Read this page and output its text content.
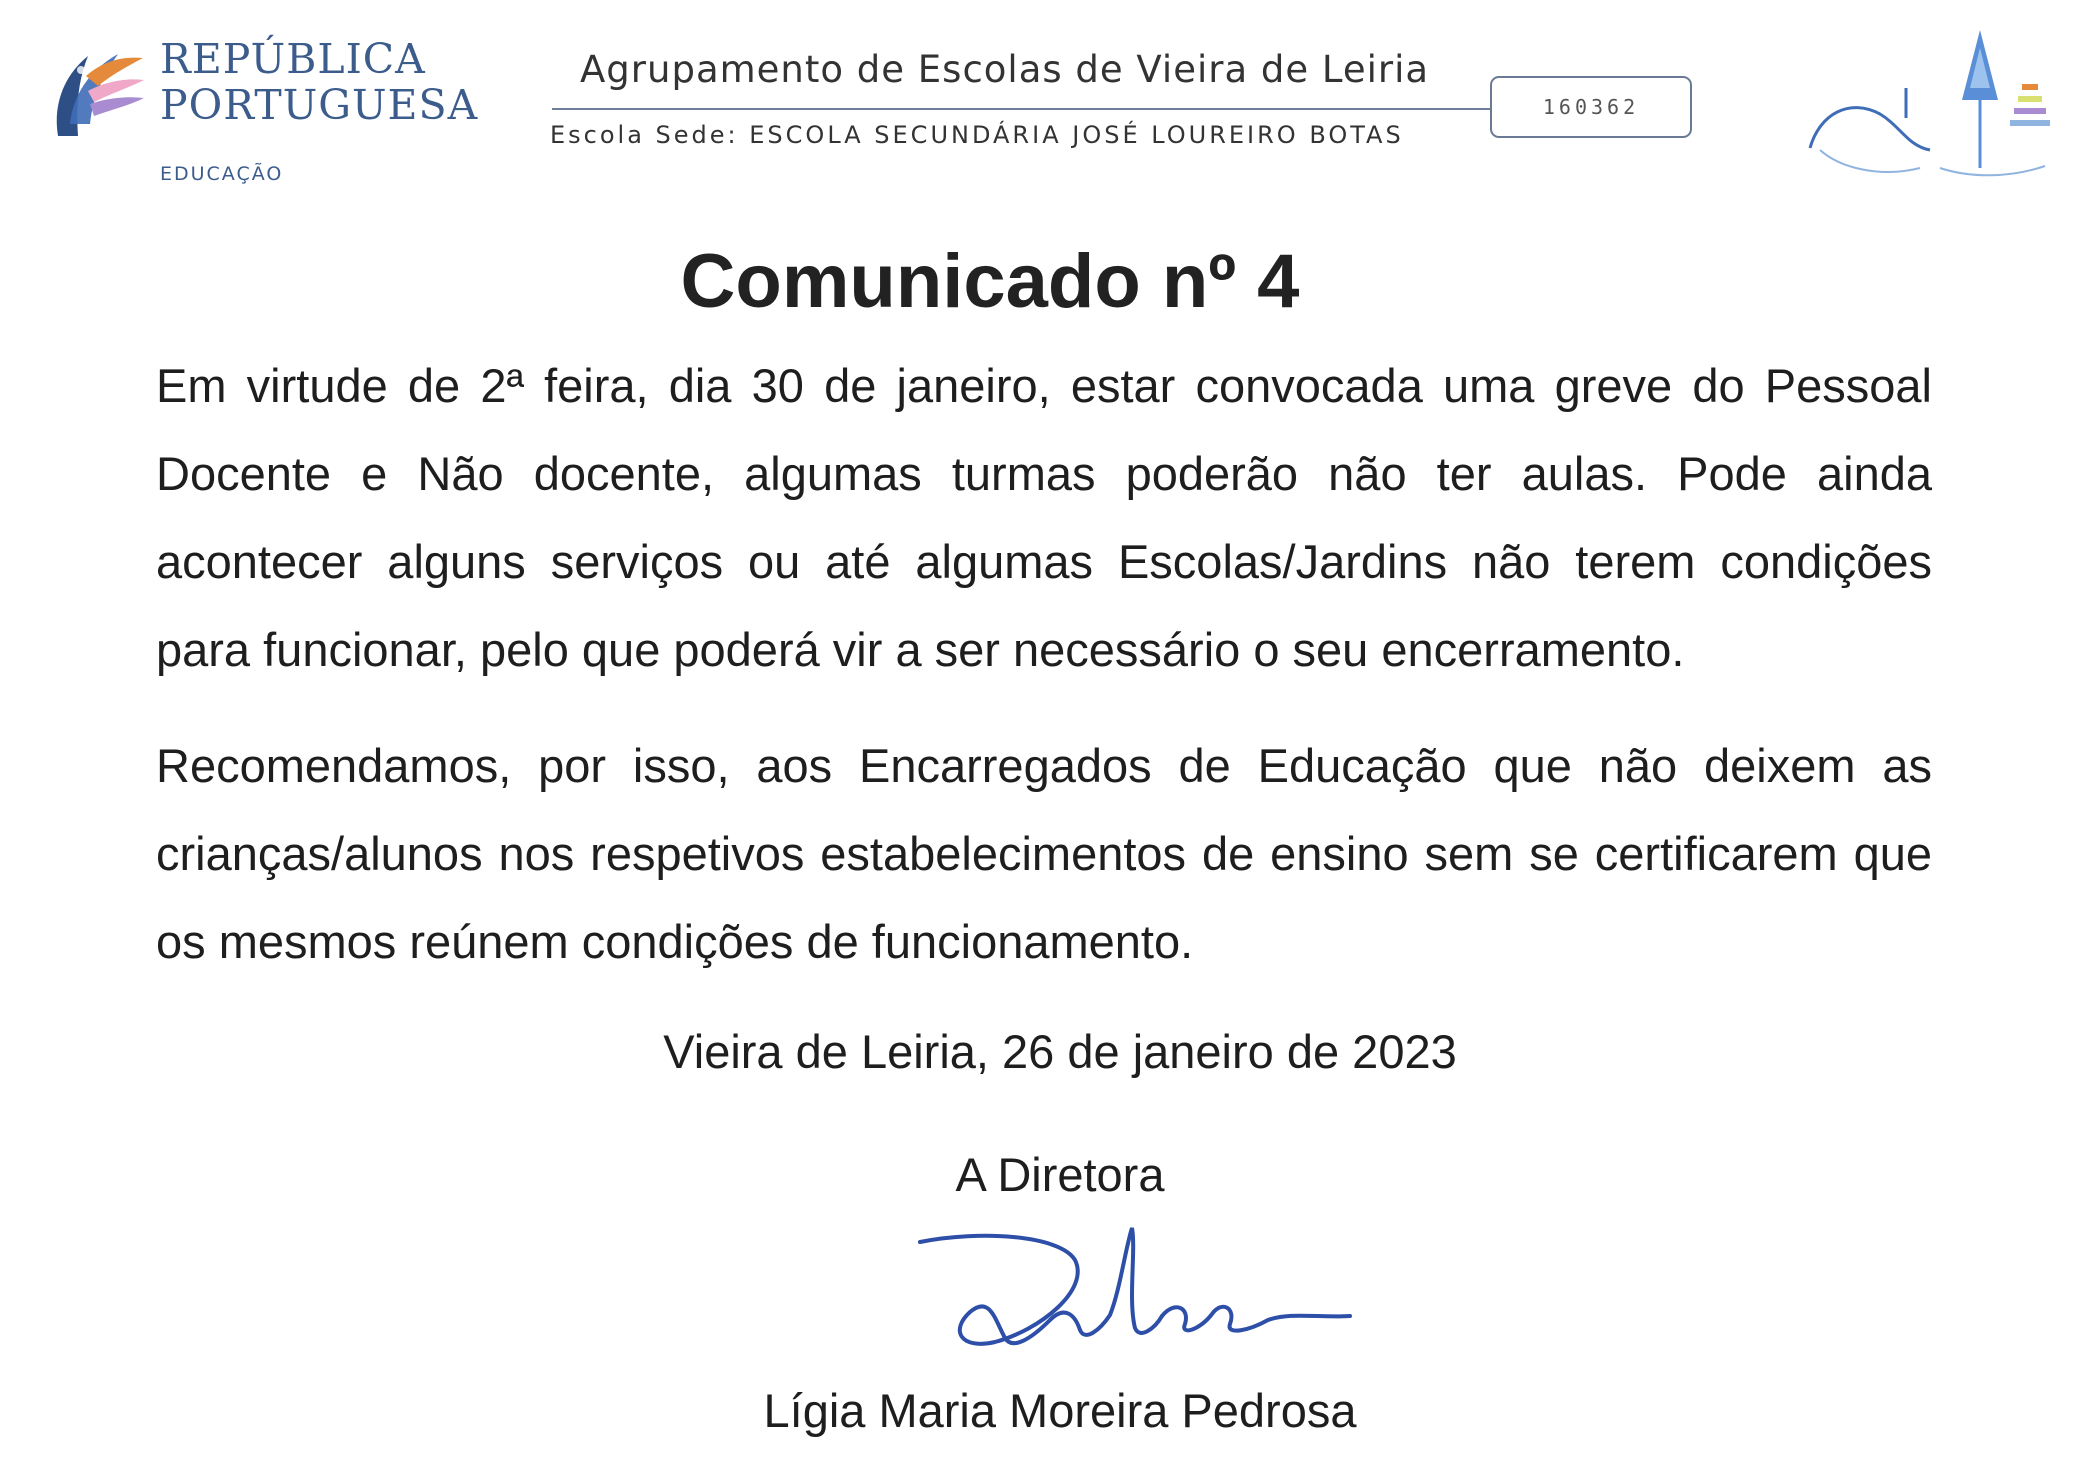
REPÚBLICA
PORTUGUESA
EDUCAÇÃO
Agrupamento de Escolas de Vieira de Leiria
Escola Sede: ESCOLA SECUNDÁRIA JOSÉ LOUREIRO BOTAS
160362
Comunicado nº 4
Em virtude de 2ª feira, dia 30 de janeiro, estar convocada uma greve do Pessoal Docente e Não docente, algumas turmas poderão não ter aulas. Pode ainda acontecer alguns serviços ou até algumas Escolas/Jardins não terem condições para funcionar, pelo que poderá vir a ser necessário o seu encerramento.
Recomendamos, por isso, aos Encarregados de Educação que não deixem as crianças/alunos nos respetivos estabelecimentos de ensino sem se certificarem que os mesmos reúnem condições de funcionamento.
Vieira de Leiria, 26 de janeiro de 2023
A Diretora
Lígia Maria Moreira Pedrosa
